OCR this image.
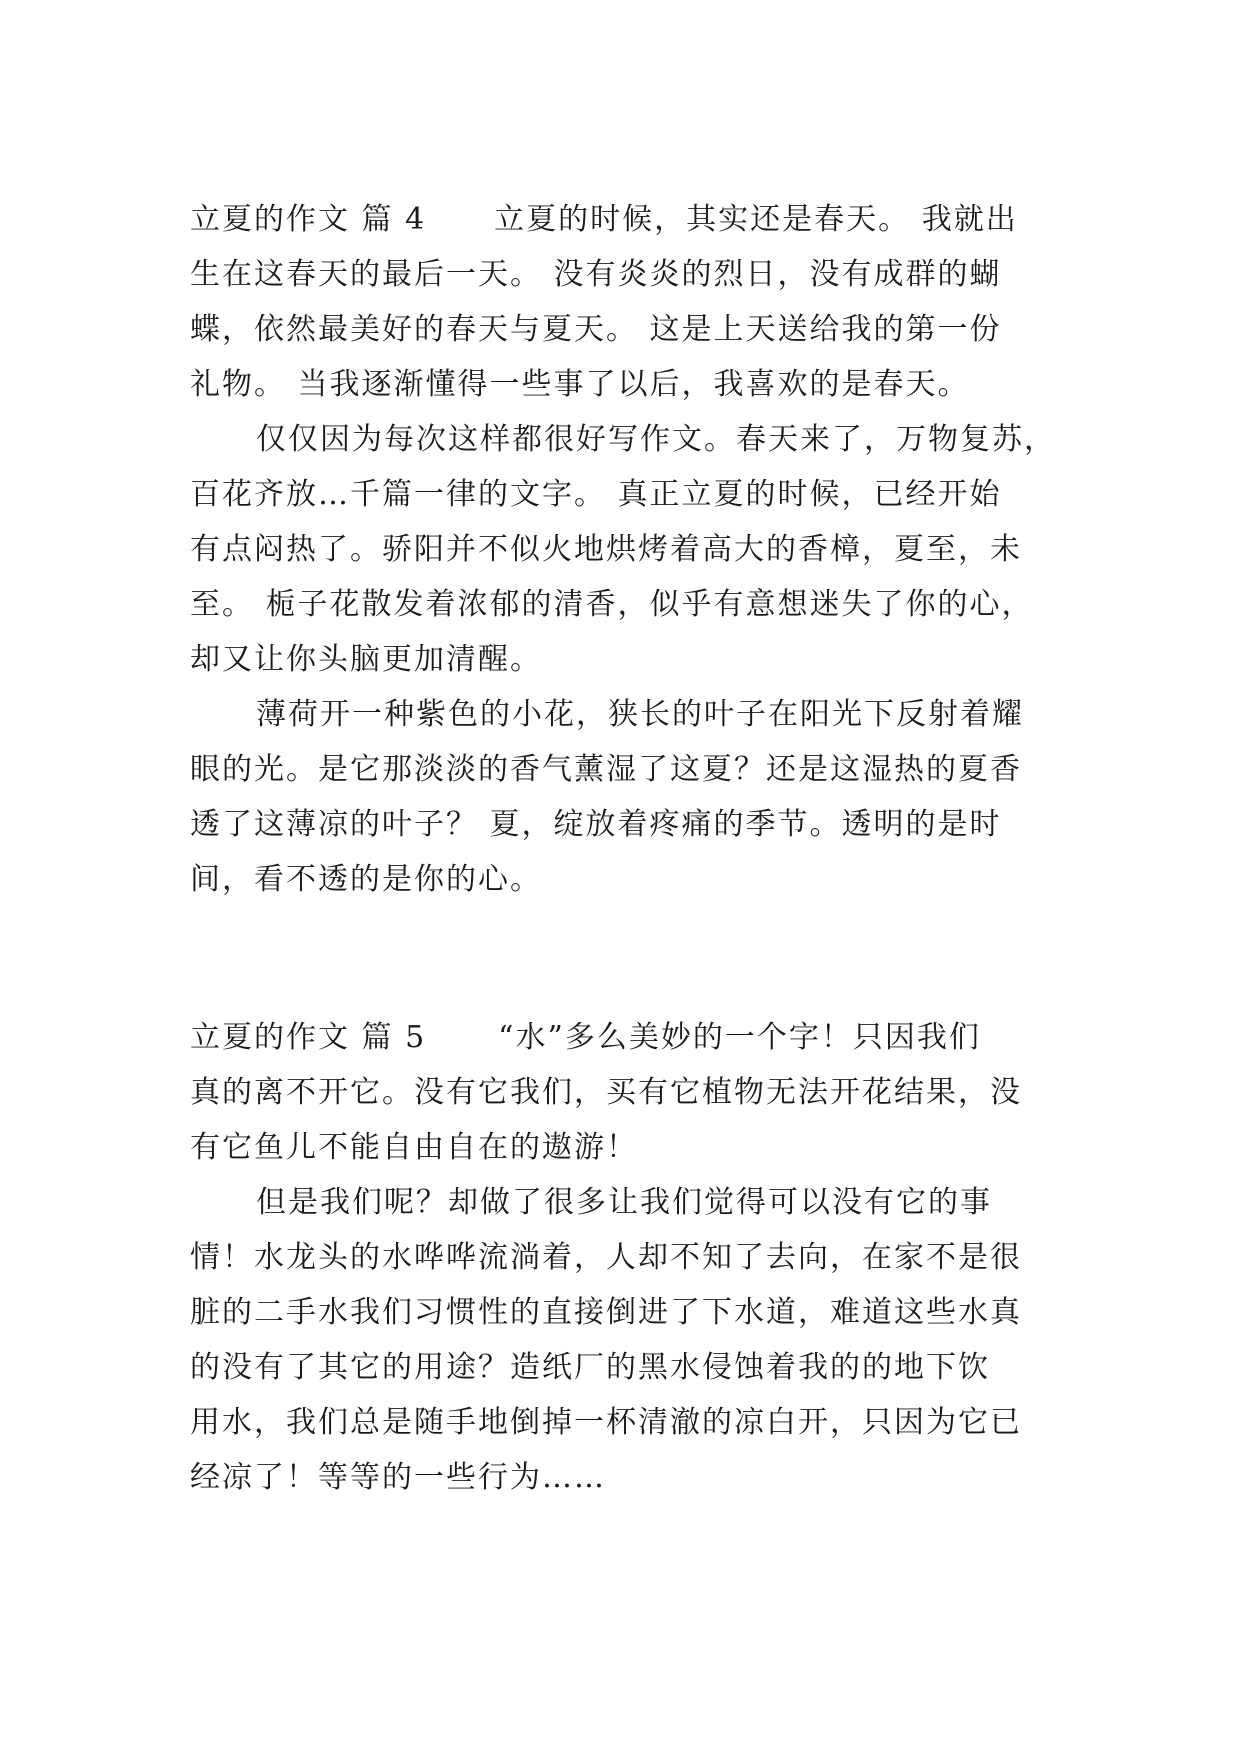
立夏的作文 篇 4 立夏的时候，其实还是春天。 我就出
生在这春天的最后一天。 没有炎炎的烈日，没有成群的蝴
蝶，依然最美好的春天与夏天。 这是上天送给我的第一份
礼物。 当我逐渐懂得一些事了以后，我喜欢的是春天。
仅仅因为每次这样都很好写作文。春天来了，万物复苏，
百花齐放…千篇一律的文字。 真正立夏的时候，已经开始
有点闷热了。骄阳并不似火地烘烤着高大的香樟，夏至，未
至。 栀子花散发着浓郁的清香，似乎有意想迷失了你的心，
却又让你头脑更加清醒。
薄荷开一种紫色的小花，狭长的叶子在阳光下反射着耀
眼的光。是它那淡淡的香气薰湿了这夏？还是这湿热的夏香
透了这薄凉的叶子？ 夏，绽放着疼痛的季节。透明的是时
间，看不透的是你的心。
立夏的作文 篇 5 “水”多么美妙的一个字！只因我们
真的离不开它。没有它我们，买有它植物无法开花结果，没
有它鱼儿不能自由自在的遨游！
但是我们呢？却做了很多让我们觉得可以没有它的事
情！水龙头的水哗哗流淌着，人却不知了去向，在家不是很
脏的二手水我们习惯性的直接倒进了下水道，难道这些水真
的没有了其它的用途？造纸厂的黑水侵蚀着我的的地下饮
用水，我们总是随手地倒掉一杯清澈的凉白开，只因为它已
经凉了！等等的一些行为……
